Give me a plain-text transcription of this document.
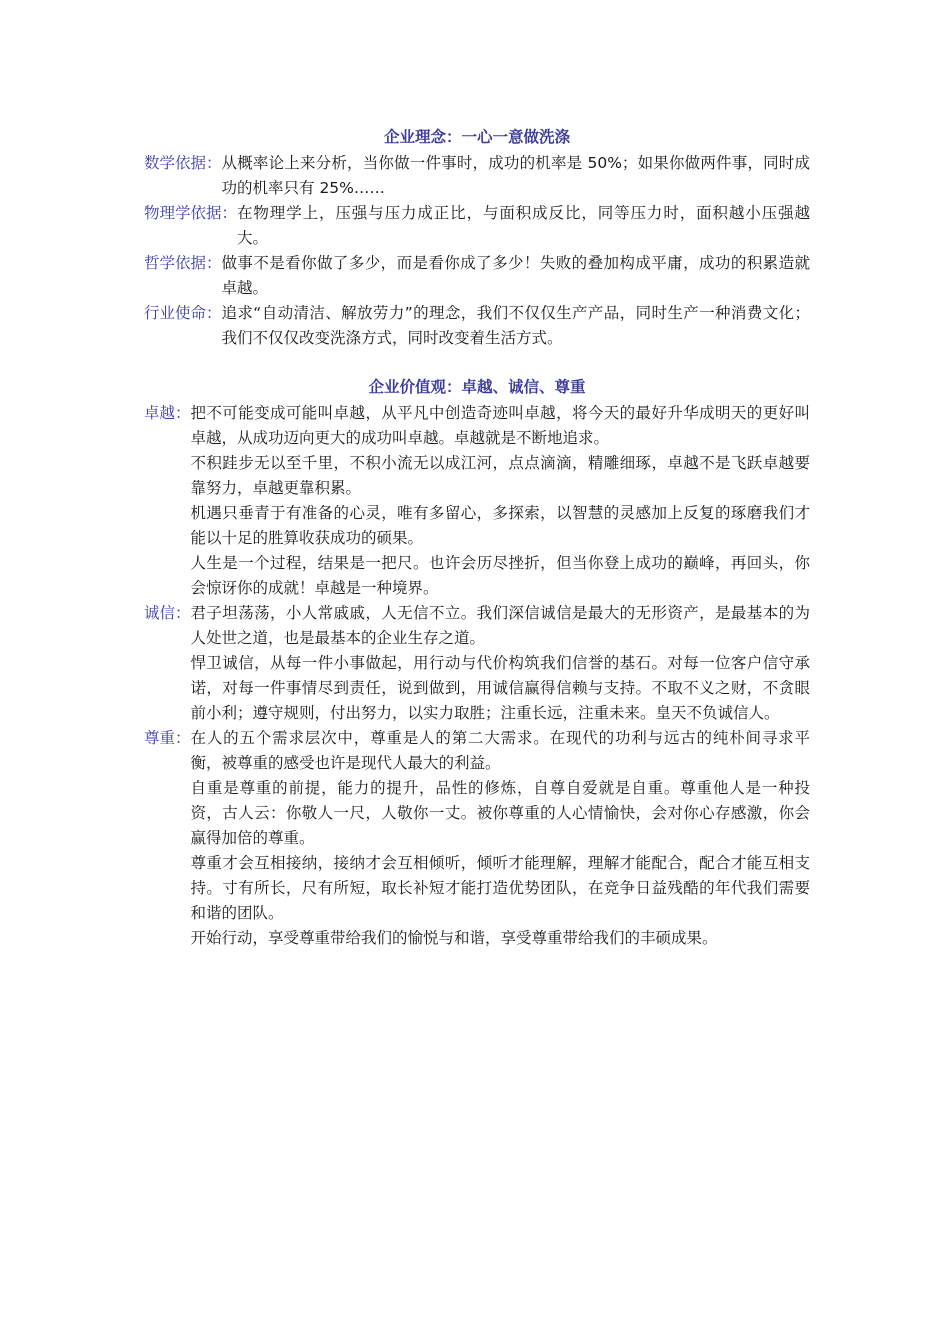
企业理念：一心一意做洗涤
数学依据： 从概率论上来分析，当你做一件事时，成功的机率是 50%；如果你做两件事，同时成功的机率只有 25%……

物理学依据： 在物理学上，压强与压力成正比，与面积成反比，同等压力时，面积越小压强越大。

哲学依据： 做事不是看你做了多少，而是看你成了多少！失败的叠加构成平庸，成功的积累造就卓越。

行业使命： 追求“自动清洁、解放劳力”的理念，我们不仅仅生产产品，同时生产一种消费文化；我们不仅仅改变洗涤方式，同时改变着生活方式。

企业价值观：卓越、诚信、尊重
卓越： 把不可能变成可能叫卓越，从平凡中创造奇迹叫卓越，将今天的最好升华成明天的更好叫卓越，从成功迈向更大的成功叫卓越。卓越就是不断地追求。

不积跬步无以至千里，不积小流无以成江河，点点滴滴，精雕细琢，卓越不是飞跃卓越要靠努力，卓越更靠积累。

机遇只垂青于有准备的心灵，唯有多留心，多探索，以智慧的灵感加上反复的琢磨我们才能以十足的胜算收获成功的硕果。

人生是一个过程，结果是一把尺。也许会历尽挫折，但当你登上成功的巅峰，再回头，你会惊讶你的成就！卓越是一种境界。

诚信： 君子坦荡荡，小人常戚戚，人无信不立。我们深信诚信是最大的无形资产，是最基本的为人处世之道，也是最基本的企业生存之道。

悍卫诚信，从每一件小事做起，用行动与代价构筑我们信誉的基石。对每一位客户信守承诺，对每一件事情尽到责任，说到做到，用诚信赢得信赖与支持。不取不义之财，不贪眼前小利；遵守规则，付出努力，以实力取胜；注重长远，注重未来。皇天不负诚信人。

尊重： 在人的五个需求层次中，尊重是人的第二大需求。在现代的功利与远古的纯朴间寻求平衡，被尊重的感受也许是现代人最大的利益。

自重是尊重的前提，能力的提升，品性的修炼，自尊自爱就是自重。尊重他人是一种投资，古人云：你敬人一尺，人敬你一丈。被你尊重的人心情愉快，会对你心存感激，你会赢得加倍的尊重。

尊重才会互相接纳，接纳才会互相倾听，倾听才能理解，理解才能配合，配合才能互相支持。寸有所长，尺有所短，取长补短才能打造优势团队，在竞争日益残酷的年代我们需要和谐的团队。

开始行动，享受尊重带给我们的愉悦与和谐，享受尊重带给我们的丰硕成果。
